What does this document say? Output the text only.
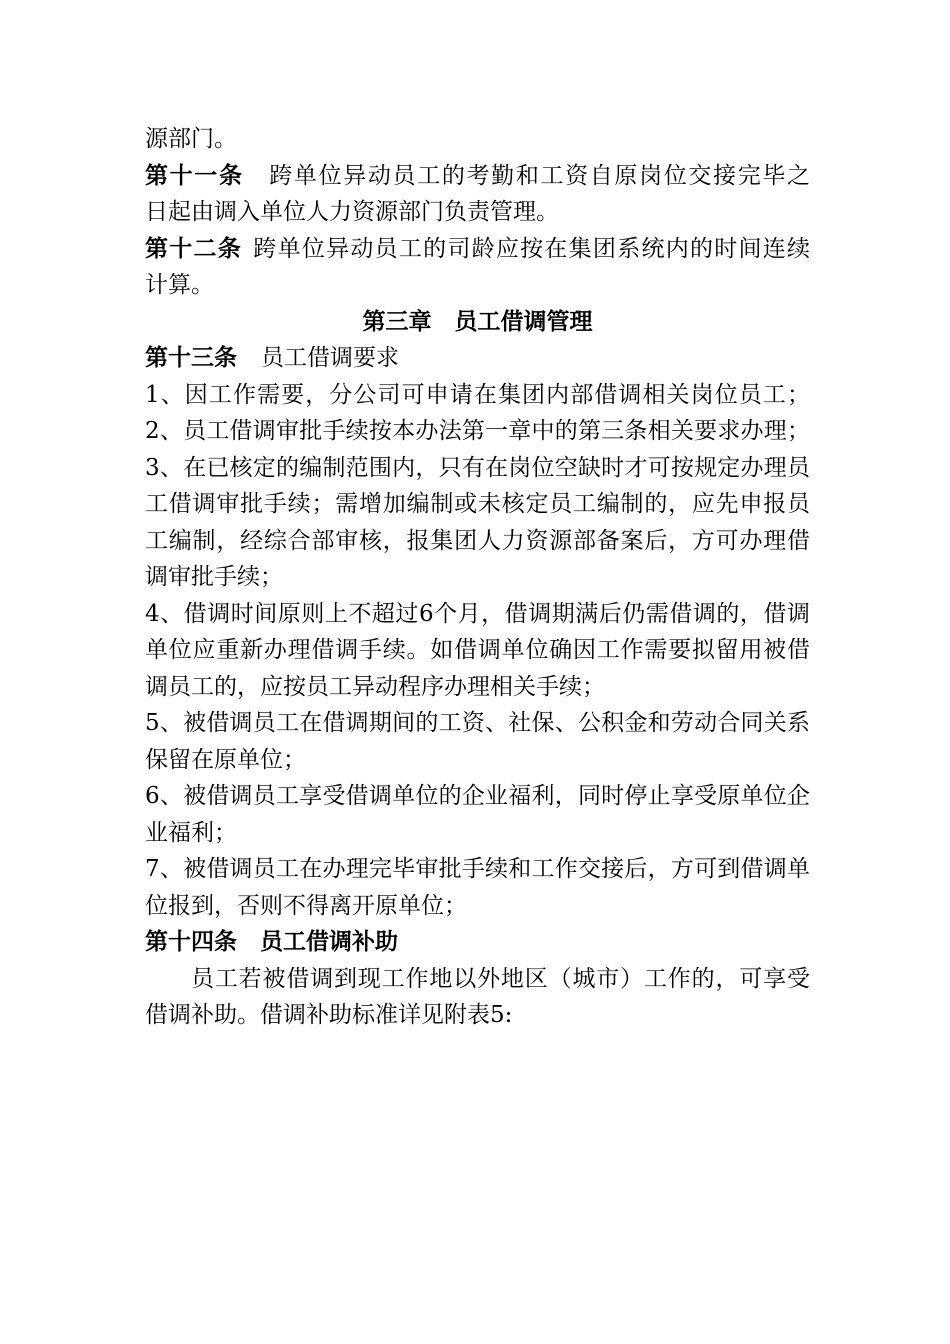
源部门。
第十一条 跨单位异动员工的考勤和工资自原岗位交接完毕之
日起由调入单位人力资源部门负责管理。
第十二条 跨单位异动员工的司龄应按在集团系统内的时间连续
计算。
第三章　员工借调管理
第十三条 员工借调要求
1、因工作需要，分公司可申请在集团内部借调相关岗位员工；
2、员工借调审批手续按本办法第一章中的第三条相关要求办理；
3、在已核定的编制范围内，只有在岗位空缺时才可按规定办理员
工借调审批手续；需增加编制或未核定员工编制的，应先申报员
工编制，经综合部审核，报集团人力资源部备案后，方可办理借
调审批手续；
4、借调时间原则上不超过6个月，借调期满后仍需借调的，借调
单位应重新办理借调手续。如借调单位确因工作需要拟留用被借
调员工的，应按员工异动程序办理相关手续；
5、被借调员工在借调期间的工资、社保、公积金和劳动合同关系
保留在原单位；
6、被借调员工享受借调单位的企业福利，同时停止享受原单位企
业福利；
7、被借调员工在办理完毕审批手续和工作交接后，方可到借调单
位报到，否则不得离开原单位；
第十四条　员工借调补助
员工若被借调到现工作地以外地区（城市）工作的，可享受
借调补助。借调补助标准详见附表5:
